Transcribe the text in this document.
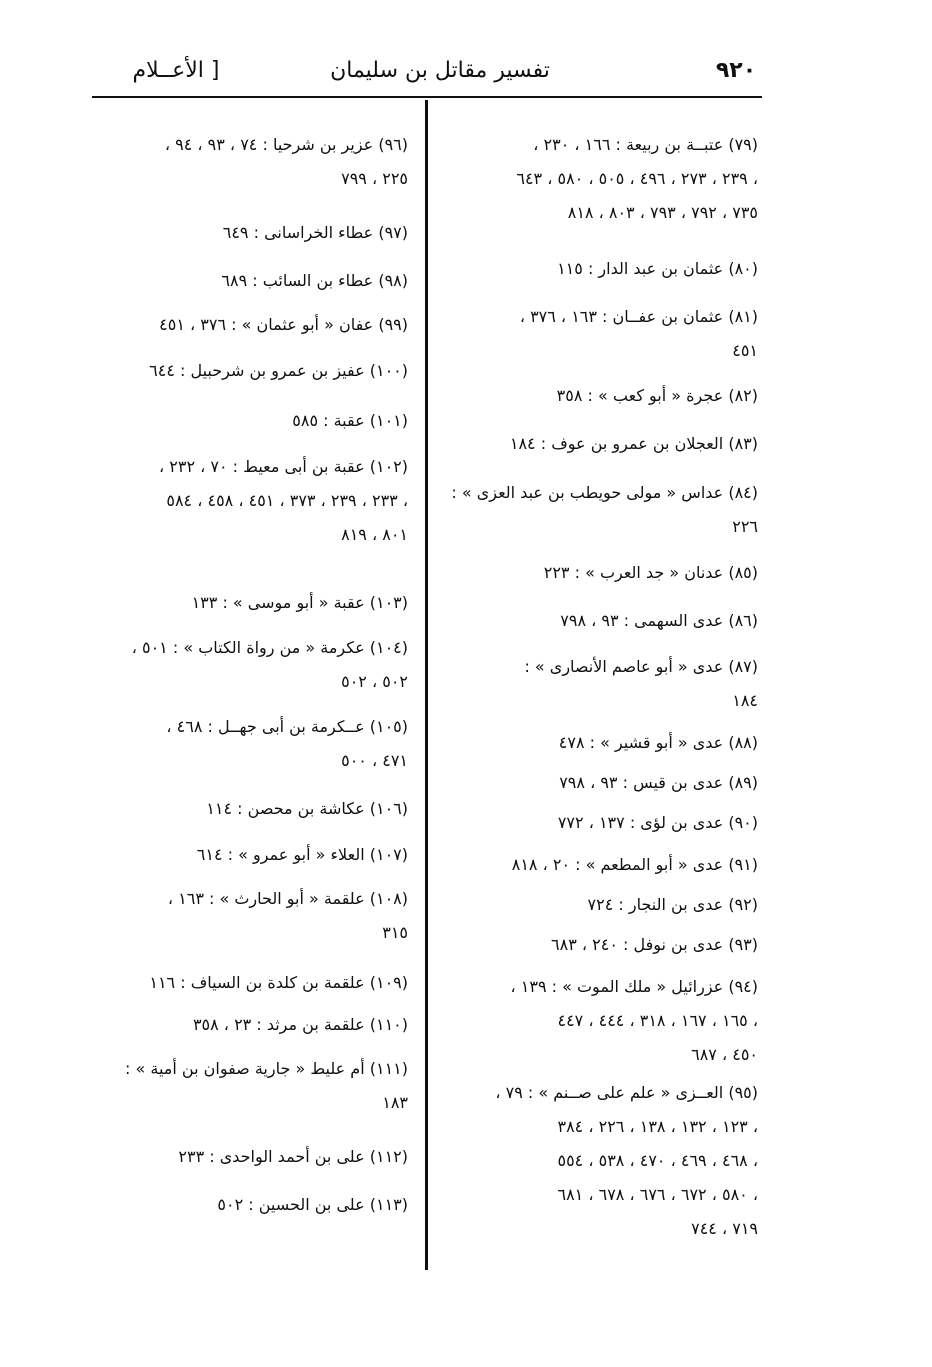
٩٢٠
تفسير مقاتل بن سليمان
[ الأعــلام
(٧٩) عتبــة بن ربيعة : ١٦٦ ، ٢٣٠ ،
٢٣٩ ، ٢٧٣ ، ٤٩٦ ، ٥٠٥ ، ٥٨٠ ، ٦٤٣ ،
٧٣٥ ، ٧٩٢ ، ٧٩٣ ، ٨٠٣ ، ٨١٨
(٨٠) عثمان بن عبد الدار : ١١٥
(٨١) عثمان بن عفــان : ١٦٣ ، ٣٧٦ ،
٤٥١
(٨٢) عجرة « أبو كعب » : ٣٥٨
(٨٣) العجلان بن عمرو بن عوف : ١٨٤
(٨٤) عداس « مولى حويطب بن عبد العزى » :
٢٢٦
(٨٥) عدنان « جد العرب » : ٢٢٣
(٨٦) عدى السهمى : ٩٣ ، ٧٩٨
(٨٧) عدى « أبو عاصم الأنصارى » :
١٨٤
(٨٨) عدى « أبو قشير » : ٤٧٨
(٨٩) عدى بن قيس : ٩٣ ، ٧٩٨
(٩٠) عدى بن لؤى : ١٣٧ ، ٧٧٢
(٩١) عدى « أبو المطعم » : ٢٠ ، ٨١٨
(٩٢) عدى بن النجار : ٧٢٤
(٩٣) عدى بن نوفل : ٢٤٠ ، ٦٨٣
(٩٤) عزرائيل « ملك الموت » : ١٣٩ ،
١٦٥ ، ١٦٧ ، ٣١٨ ، ٤٤٤ ، ٤٤٧ ،
٤٥٠ ، ٦٨٧
(٩٥) العــزى « علم على صــنم » : ٧٩ ،
١٢٣ ، ١٣٢ ، ١٣٨ ، ٢٢٦ ، ٣٨٤ ،
٤٦٨ ، ٤٦٩ ، ٤٧٠ ، ٥٣٨ ، ٥٥٤ ،
٥٨٠ ، ٦٧٢ ، ٦٧٦ ، ٦٧٨ ، ٦٨١ ،
٧١٩ ، ٧٤٤
(٩٦) عزير بن شرحيا : ٧٤ ، ٩٣ ، ٩٤ ،
٢٢٥ ، ٧٩٩
(٩٧) عطاء الخراسانى : ٦٤٩
(٩٨) عطاء بن السائب : ٦٨٩
(٩٩) عفان « أبو عثمان » : ٣٧٦ ، ٤٥١
(١٠٠) عفيز بن عمرو بن شرحبيل : ٦٤٤
(١٠١) عقبة : ٥٨٥
(١٠٢) عقبة بن أبى معيط : ٧٠ ، ٢٣٢ ،
٢٣٣ ، ٢٣٩ ، ٣٧٣ ، ٤٥١ ، ٤٥٨ ، ٥٨٤ ،
٨٠١ ، ٨١٩
(١٠٣) عقبة « أبو موسى » : ١٣٣
(١٠٤) عكرمة « من رواة الكتاب » : ٥٠١ ،
٥٠٢ ، ٥٠٢
(١٠٥) عــكرمة بن أبى جهــل : ٤٦٨ ،
٤٧١ ، ٥٠٠
(١٠٦) عكاشة بن محصن : ١١٤
(١٠٧) العلاء « أبو عمرو » : ٦١٤
(١٠٨) علقمة « أبو الحارث » : ١٦٣ ،
٣١٥
(١٠٩) علقمة بن كلدة بن السياف : ١١٦
(١١٠) علقمة بن مرثد : ٢٣ ، ٣٥٨
(١١١) أم عليط « جارية صفوان بن أمية » :
١٨٣
(١١٢) على بن أحمد الواحدى : ٢٣٣
(١١٣) على بن الحسين : ٥٠٢
